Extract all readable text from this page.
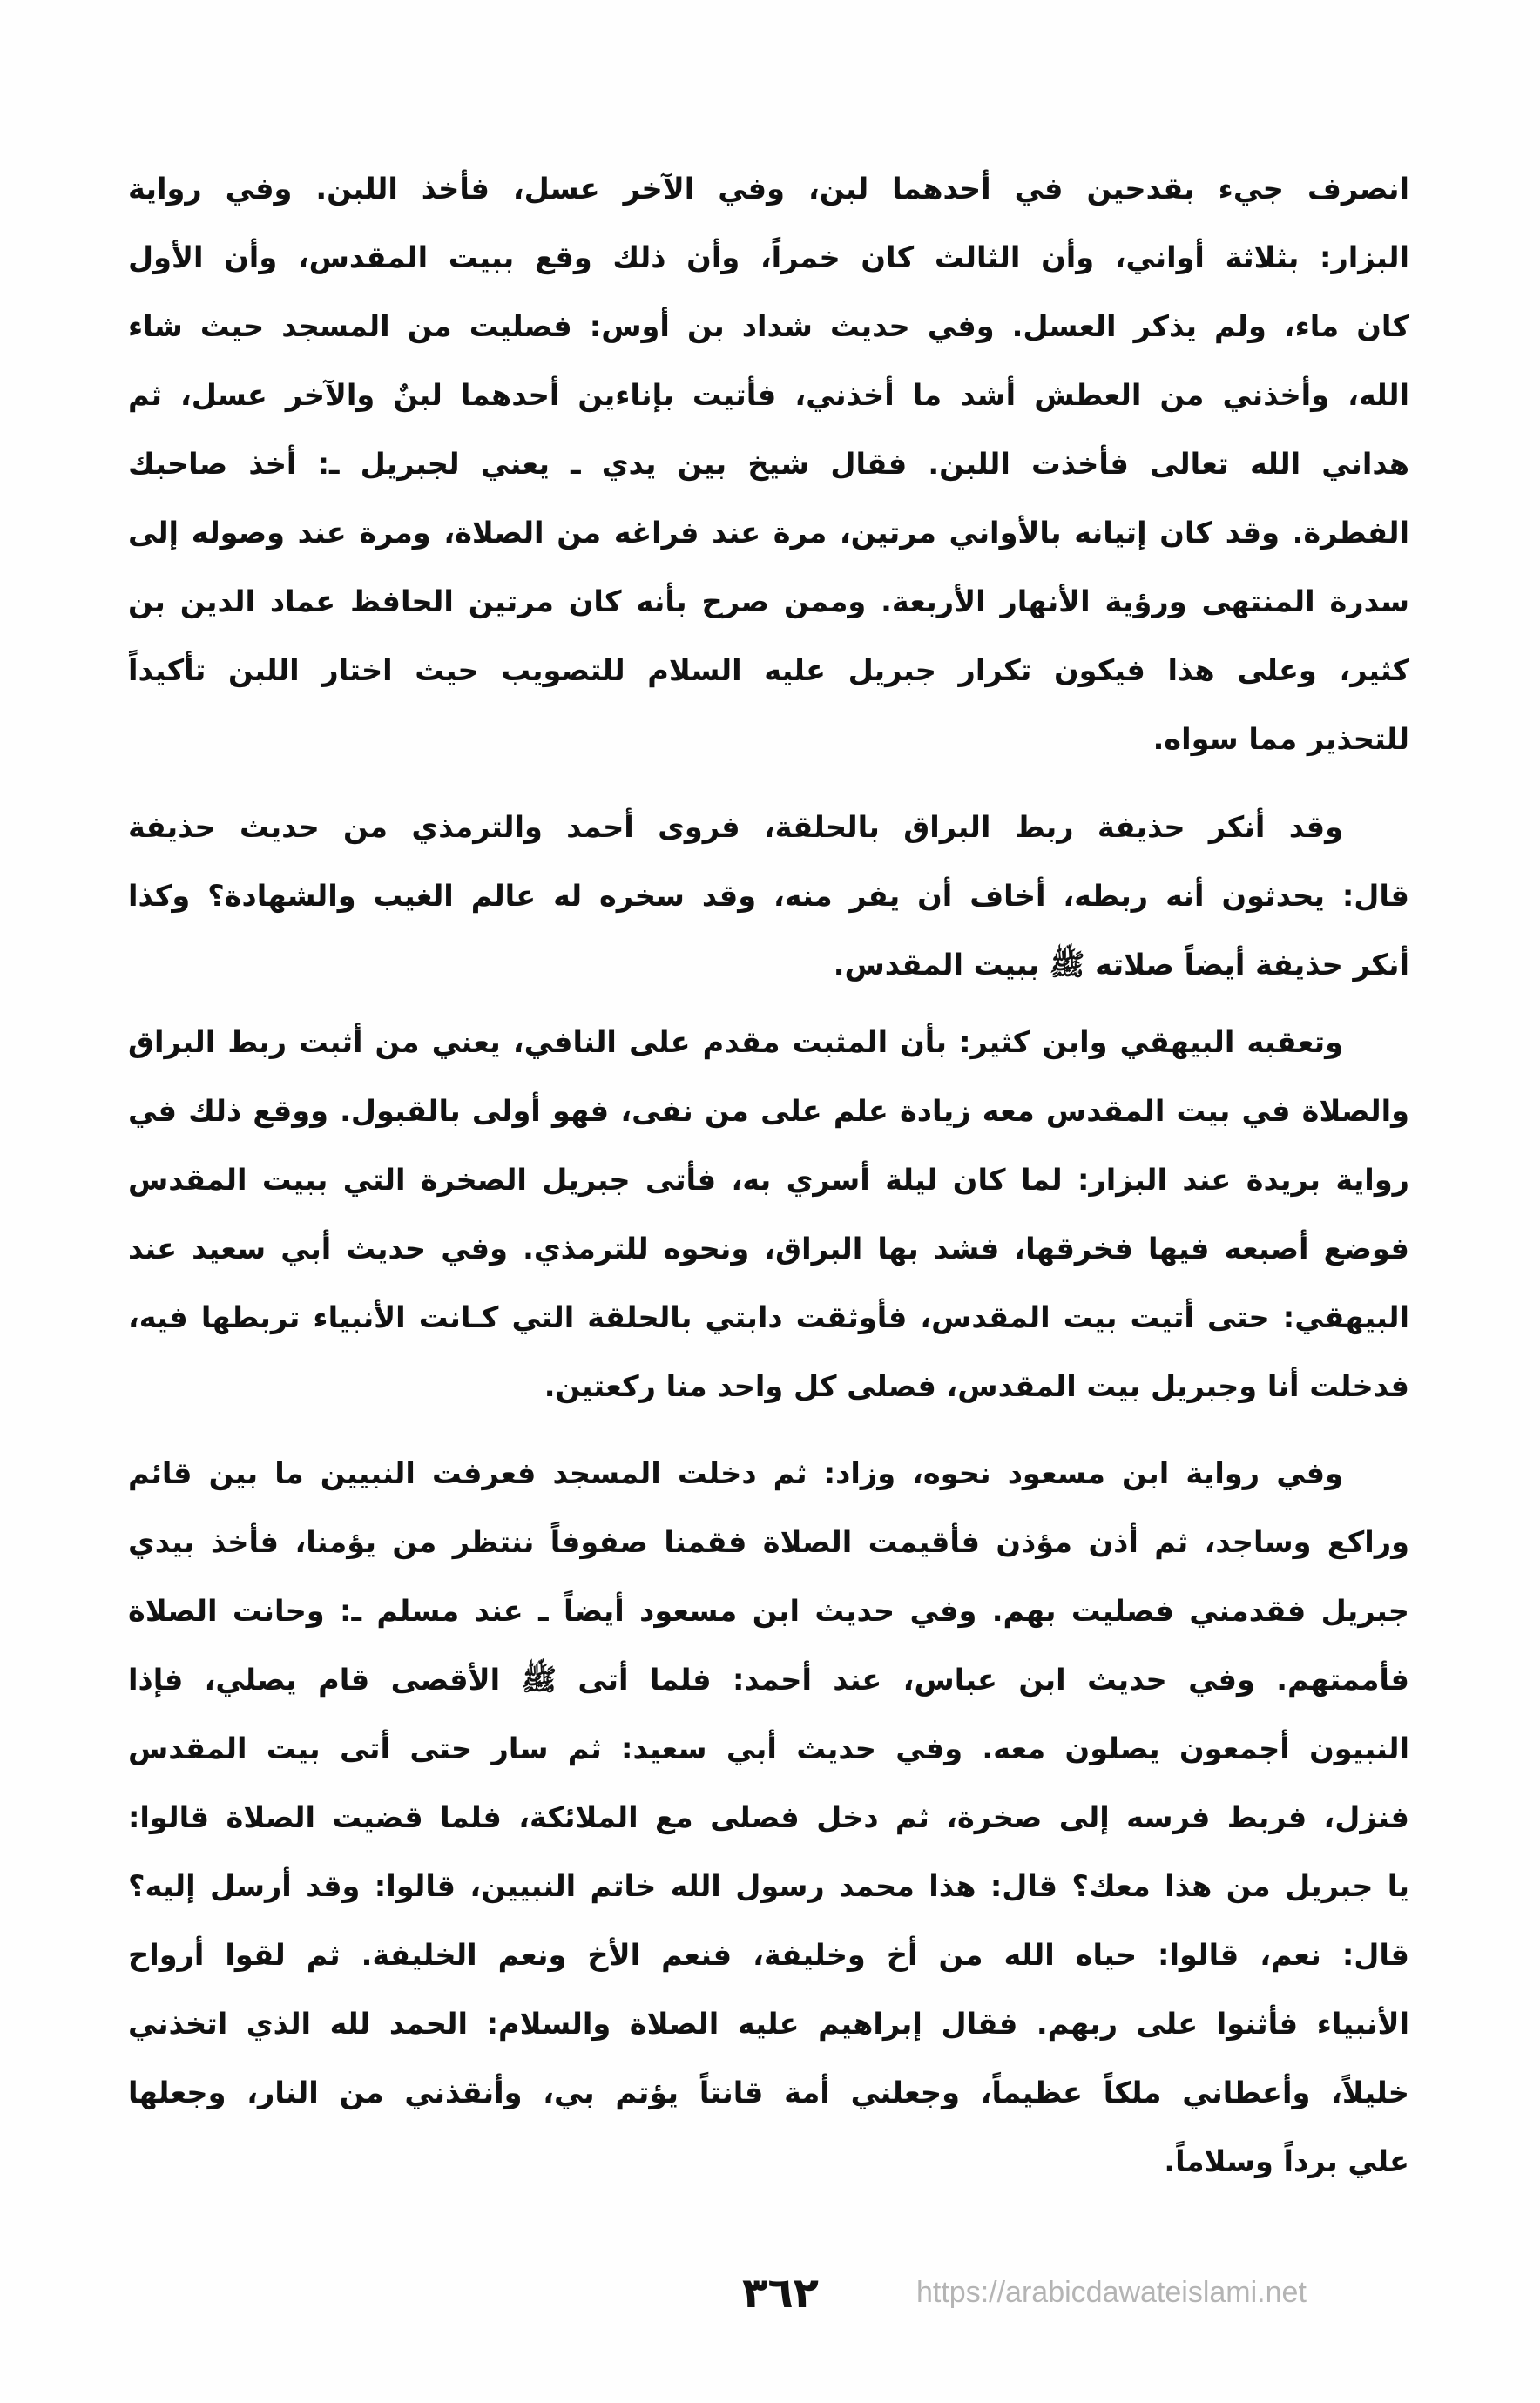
انصرف جيء بقدحين في أحدهما لبن، وفي الآخر عسل، فأخذ اللبن. وفي رواية
البزار: بثلاثة أواني، وأن الثالث كان خمراً، وأن ذلك وقع ببيت المقدس، وأن الأول
كان ماء، ولم يذكر العسل. وفي حديث شداد بن أوس: فصليت من المسجد حيث شاء
الله، وأخذني من العطش أشد ما أخذني، فأتيت بإناءين أحدهما لبنٌ والآخر عسل، ثم
هداني الله تعالى فأخذت اللبن. فقال شيخ بين يدي ـ يعني لجبريل ـ: أخذ صاحبك
الفطرة. وقد كان إتيانه بالأواني مرتين، مرة عند فراغه من الصلاة، ومرة عند وصوله إلى
سدرة المنتهى ورؤية الأنهار الأربعة. وممن صرح بأنه كان مرتين الحافظ عماد الدين بن
كثير، وعلى هذا فيكون تكرار جبريل عليه السلام للتصويب حيث اختار اللبن تأكيداً
للتحذير مما سواه.
وقد أنكر حذيفة ربط البراق بالحلقة، فروى أحمد والترمذي من حديث حذيفة
قال: يحدثون أنه ربطه، أخاف أن يفر منه، وقد سخره له عالم الغيب والشهادة؟ وكذا
أنكر حذيفة أيضاً صلاته ﷺ ببيت المقدس.
وتعقبه البيهقي وابن كثير: بأن المثبت مقدم على النافي، يعني من أثبت ربط البراق
والصلاة في بيت المقدس معه زيادة علم على من نفى، فهو أولى بالقبول. ووقع ذلك في
رواية بريدة عند البزار: لما كان ليلة أسري به، فأتى جبريل الصخرة التي ببيت المقدس
فوضع أصبعه فيها فخرقها، فشد بها البراق، ونحوه للترمذي. وفي حديث أبي سعيد عند
البيهقي: حتى أتيت بيت المقدس، فأوثقت دابتي بالحلقة التي كـانت الأنبياء تربطها فيه،
فدخلت أنا وجبريل بيت المقدس، فصلى كل واحد منا ركعتين.
وفي رواية ابن مسعود نحوه، وزاد: ثم دخلت المسجد فعرفت النبيين ما بين قائم
وراكع وساجد، ثم أذن مؤذن فأقيمت الصلاة فقمنا صفوفاً ننتظر من يؤمنا، فأخذ بيدي
جبريل فقدمني فصليت بهم. وفي حديث ابن مسعود أيضاً ـ عند مسلم ـ: وحانت الصلاة
فأممتهم. وفي حديث ابن عباس، عند أحمد: فلما أتى ﷺ الأقصى قام يصلي، فإذا
النبيون أجمعون يصلون معه. وفي حديث أبي سعيد: ثم سار حتى أتى بيت المقدس
فنزل، فربط فرسه إلى صخرة، ثم دخل فصلى مع الملائكة، فلما قضيت الصلاة قالوا:
يا جبريل من هذا معك؟ قال: هذا محمد رسول الله خاتم النبيين، قالوا: وقد أرسل إليه؟
قال: نعم، قالوا: حياه الله من أخ وخليفة، فنعم الأخ ونعم الخليفة. ثم لقوا أرواح
الأنبياء فأثنوا على ربهم. فقال إبراهيم عليه الصلاة والسلام: الحمد لله الذي اتخذني
خليلاً، وأعطاني ملكاً عظيماً، وجعلني أمة قانتاً يؤتم بي، وأنقذني من النار، وجعلها
علي برداً وسلاماً.
٣٦٢	https://arabicdawateislami.net
